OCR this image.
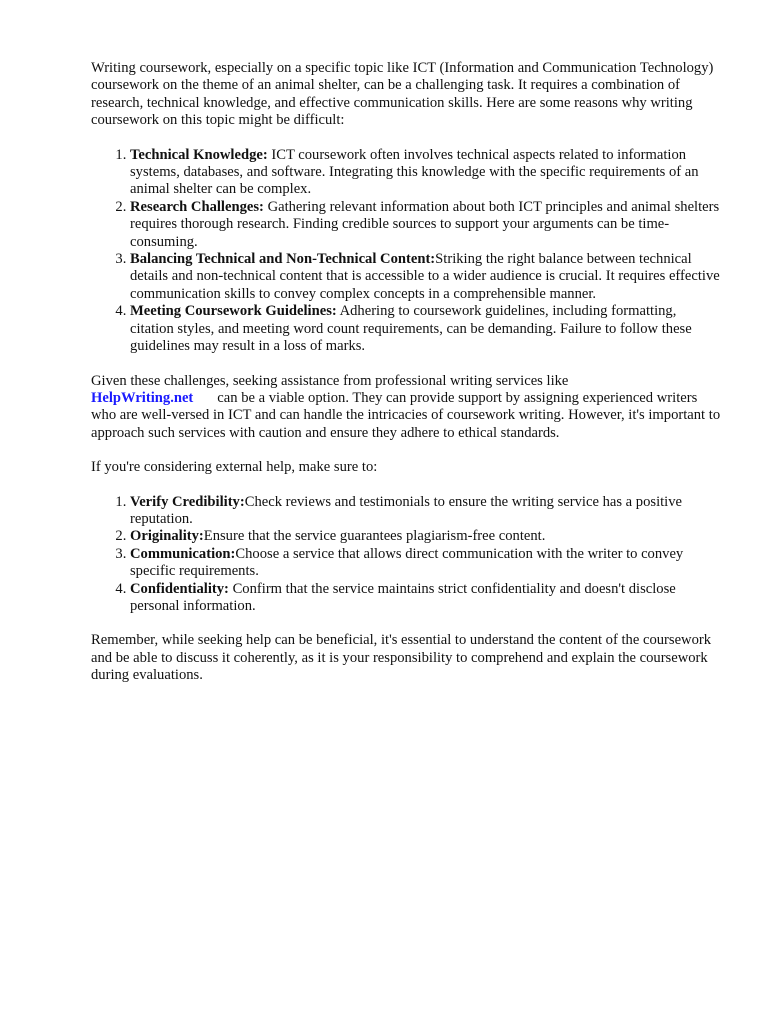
Writing coursework, especially on a specific topic like ICT (Information and Communication Technology) coursework on the theme of an animal shelter, can be a challenging task. It requires a combination of research, technical knowledge, and effective communication skills. Here are some reasons why writing coursework on this topic might be difficult:

1. Technical Knowledge: ICT coursework often involves technical aspects related to information systems, databases, and software. Integrating this knowledge with the specific requirements of an animal shelter can be complex.
2. Research Challenges: Gathering relevant information about both ICT principles and animal shelters requires thorough research. Finding credible sources to support your arguments can be time-consuming.
3. Balancing Technical and Non-Technical Content:Striking the right balance between technical details and non-technical content that is accessible to a wider audience is crucial. It requires effective communication skills to convey complex concepts in a comprehensible manner.
4. Meeting Coursework Guidelines: Adhering to coursework guidelines, including formatting, citation styles, and meeting word count requirements, can be demanding. Failure to follow these guidelines may result in a loss of marks.

Given these challenges, seeking assistance from professional writing services like
HelpWriting.net can be a viable option. They can provide support by assigning experienced writers who are well-versed in ICT and can handle the intricacies of coursework writing. However, it's important to approach such services with caution and ensure they adhere to ethical standards.

If you're considering external help, make sure to:

1. Verify Credibility:Check reviews and testimonials to ensure the writing service has a positive reputation.
2. Originality:Ensure that the service guarantees plagiarism-free content.
3. Communication:Choose a service that allows direct communication with the writer to convey specific requirements.
4. Confidentiality: Confirm that the service maintains strict confidentiality and doesn't disclose personal information.

Remember, while seeking help can be beneficial, it's essential to understand the content of the coursework and be able to discuss it coherently, as it is your responsibility to comprehend and explain the coursework during evaluations.
